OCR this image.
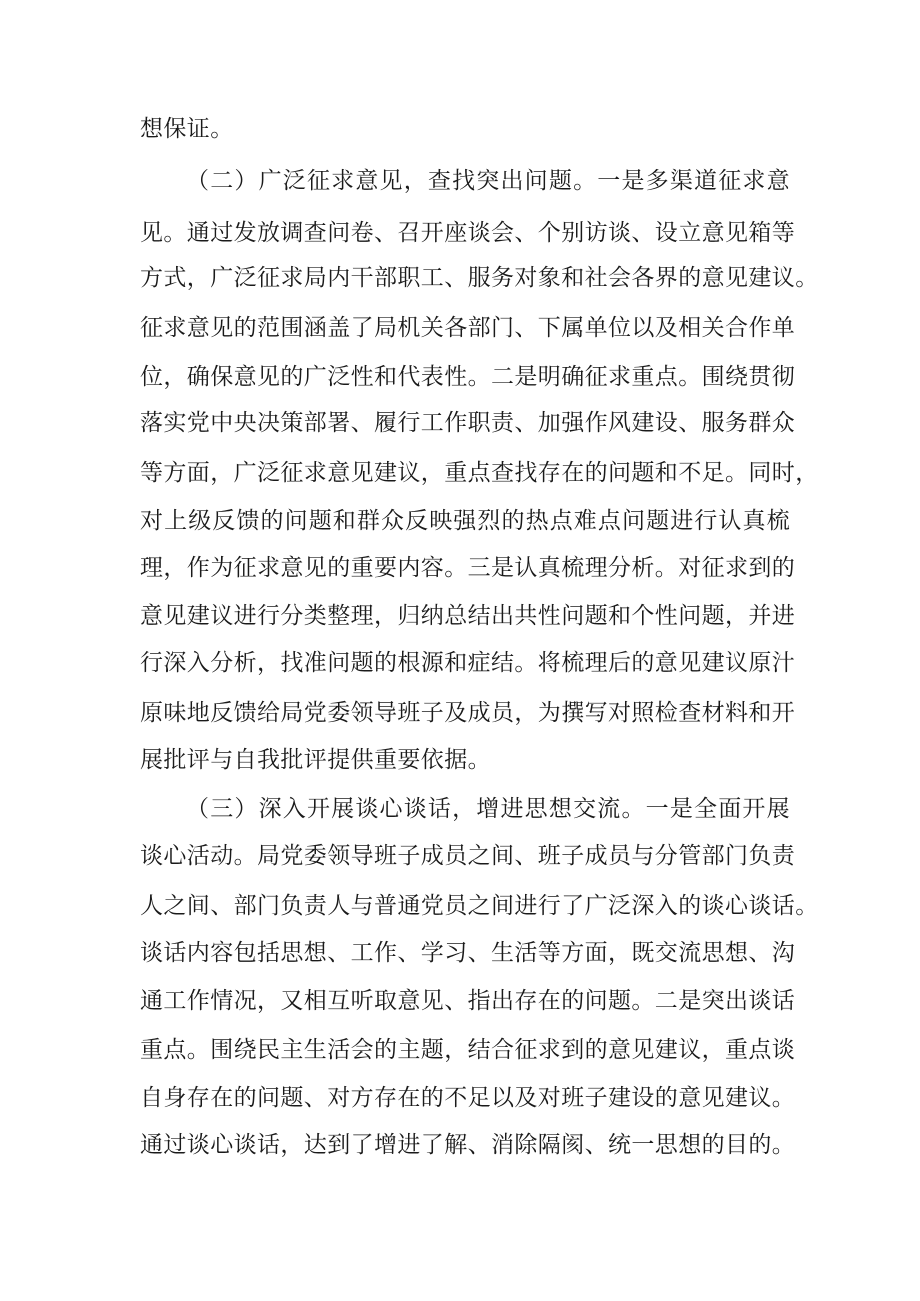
想保证。
（二）广泛征求意见，查找突出问题。一是多渠道征求意
见。通过发放调查问卷、召开座谈会、个别访谈、设立意见箱等
方式，广泛征求局内干部职工、服务对象和社会各界的意见建议。
征求意见的范围涵盖了局机关各部门、下属单位以及相关合作单
位，确保意见的广泛性和代表性。二是明确征求重点。围绕贯彻
落实党中央决策部署、履行工作职责、加强作风建设、服务群众
等方面，广泛征求意见建议，重点查找存在的问题和不足。同时，
对上级反馈的问题和群众反映强烈的热点难点问题进行认真梳
理，作为征求意见的重要内容。三是认真梳理分析。对征求到的
意见建议进行分类整理，归纳总结出共性问题和个性问题，并进
行深入分析，找准问题的根源和症结。将梳理后的意见建议原汁
原味地反馈给局党委领导班子及成员，为撰写对照检查材料和开
展批评与自我批评提供重要依据。
（三）深入开展谈心谈话，增进思想交流。一是全面开展
谈心活动。局党委领导班子成员之间、班子成员与分管部门负责
人之间、部门负责人与普通党员之间进行了广泛深入的谈心谈话。
谈话内容包括思想、工作、学习、生活等方面，既交流思想、沟
通工作情况，又相互听取意见、指出存在的问题。二是突出谈话
重点。围绕民主生活会的主题，结合征求到的意见建议，重点谈
自身存在的问题、对方存在的不足以及对班子建设的意见建议。
通过谈心谈话，达到了增进了解、消除隔阂、统一思想的目的。
